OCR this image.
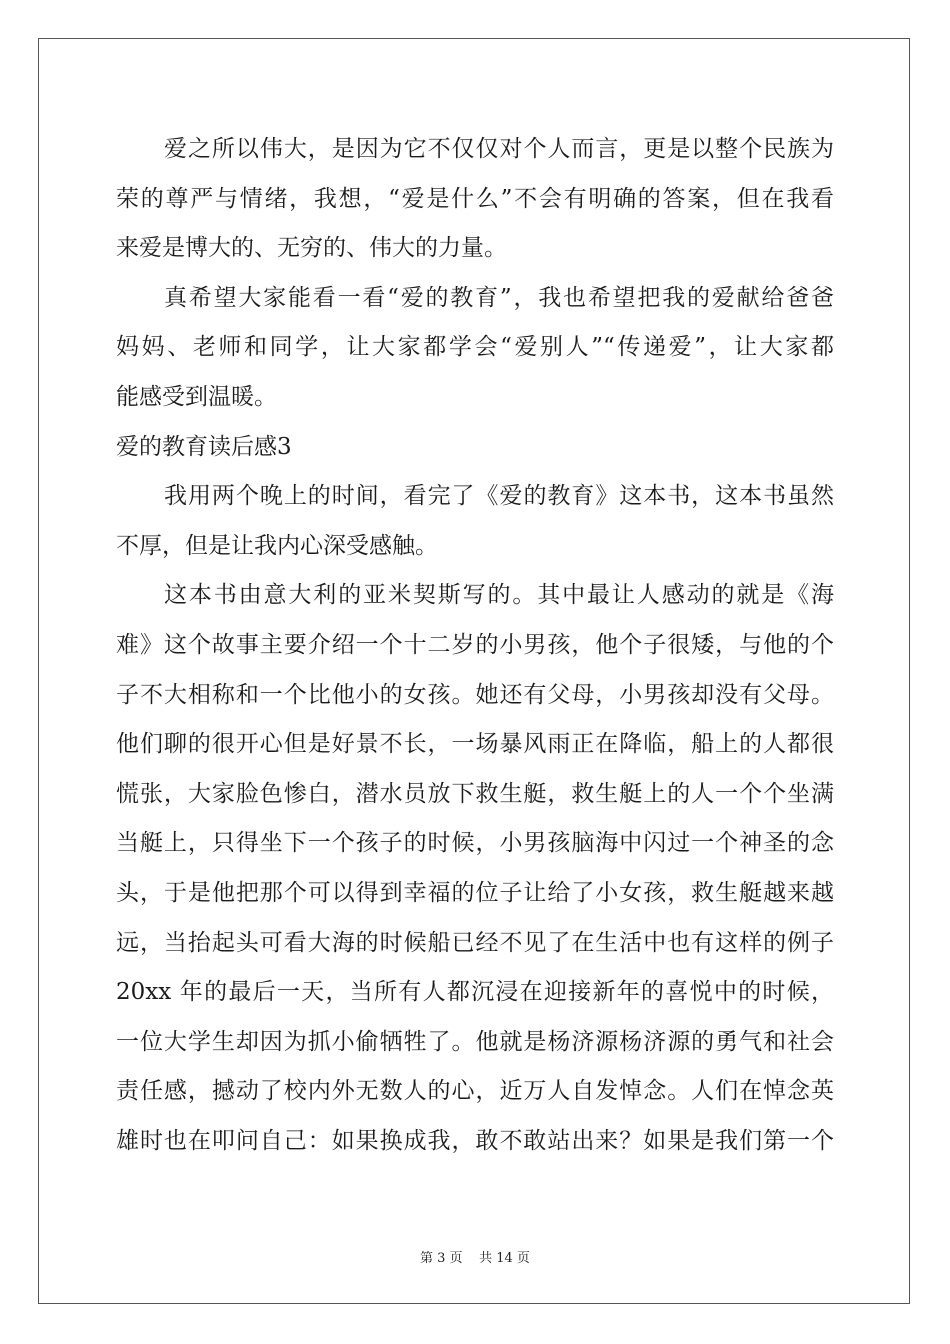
爱之所以伟大，是因为它不仅仅对个人而言，更是以整个民族为
荣的尊严与情绪，我想，“爱是什么”不会有明确的答案，但在我看
来爱是博大的、无穷的、伟大的力量。
真希望大家能看一看“爱的教育”，我也希望把我的爱献给爸爸
妈妈、老师和同学，让大家都学会“爱别人”“传递爱”，让大家都
能感受到温暖。
爱的教育读后感3
我用两个晚上的时间，看完了《爱的教育》这本书，这本书虽然
不厚，但是让我内心深受感触。
这本书由意大利的亚米契斯写的。其中最让人感动的就是《海
难》这个故事主要介绍一个十二岁的小男孩，他个子很矮，与他的个
子不大相称和一个比他小的女孩。她还有父母，小男孩却没有父母。
他们聊的很开心但是好景不长，一场暴风雨正在降临，船上的人都很
慌张，大家脸色惨白，潜水员放下救生艇，救生艇上的人一个个坐满
当艇上，只得坐下一个孩子的时候，小男孩脑海中闪过一个神圣的念
头，于是他把那个可以得到幸福的位子让给了小女孩，救生艇越来越
远，当抬起头可看大海的时候船已经不见了在生活中也有这样的例子
20xx 年的最后一天，当所有人都沉浸在迎接新年的喜悦中的时候，
一位大学生却因为抓小偷牺牲了。他就是杨济源杨济源的勇气和社会
责任感，撼动了校内外无数人的心，近万人自发悼念。人们在悼念英
雄时也在叩问自己：如果换成我，敢不敢站出来？如果是我们第一个
第 3 页 共 14 页
